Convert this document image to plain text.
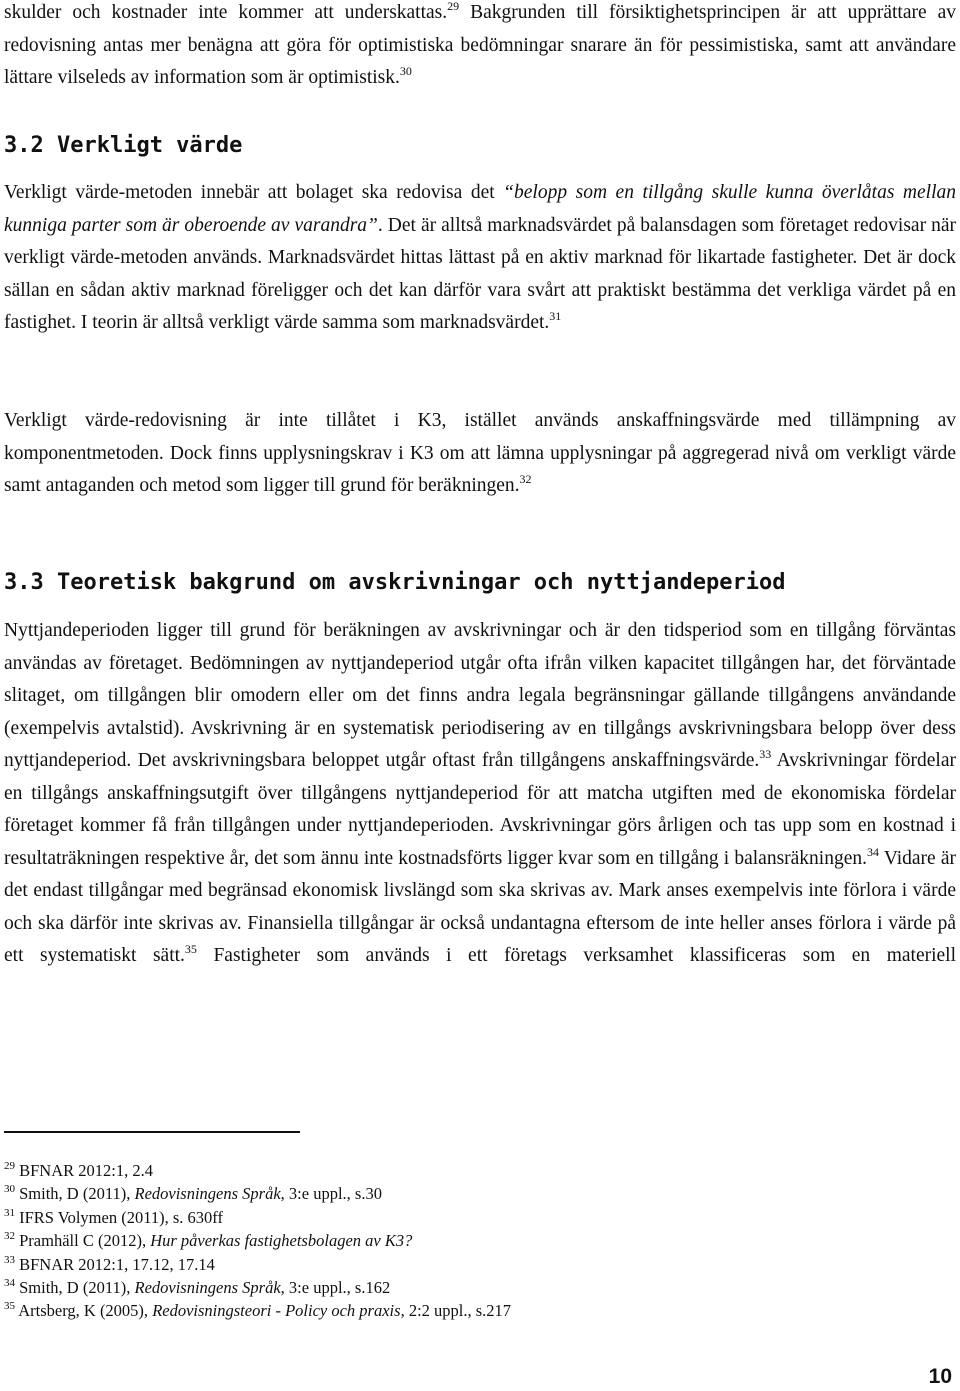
skulder och kostnader inte kommer att underskattas.$^{29}$ Bakgrunden till försiktighetsprincipen är att upprättare av redovisning antas mer benägna att göra för optimistiska bedömningar snarare än för pessimistiska, samt att användare lättare vilseleds av information som är optimistisk.$^{30}$

3.2 Verkligt värde

Verkligt värde-metoden innebär att bolaget ska redovisa det “belopp som en tillgång skulle kunna överlåtas mellan kunniga parter som är oberoende av varandra”. Det är alltså marknadsvärdet på balansdagen som företaget redovisar när verkligt värde-metoden används. Marknadsvärdet hittas lättast på en aktiv marknad för likartade fastigheter. Det är dock sällan en sådan aktiv marknad föreligger och det kan därför vara svårt att praktiskt bestämma det verkliga värdet på en fastighet. I teorin är alltså verkligt värde samma som marknadsvärdet.$^{31}$

Verkligt värde-redovisning är inte tillåtet i K3, istället används anskaffningsvärde med tillämpning av komponentmetoden. Dock finns upplysningskrav i K3 om att lämna upplysningar på aggregerad nivå om verkligt värde samt antaganden och metod som ligger till grund för beräkningen.$^{32}$

3.3 Teoretisk bakgrund om avskrivningar och nyttjandeperiod

Nyttjandeperioden ligger till grund för beräkningen av avskrivningar och är den tidsperiod som en tillgång förväntas användas av företaget. Bedömningen av nyttjandeperiod utgår ofta ifrån vilken kapacitet tillgången har, det förväntade slitaget, om tillgången blir omodern eller om det finns andra legala begränsningar gällande tillgångens användande (exempelvis avtalstid). Avskrivning är en systematisk periodisering av en tillgångs avskrivningsbara belopp över dess nyttjandeperiod. Det avskrivningsbara beloppet utgår oftast från tillgångens anskaffningsvärde.$^{33}$ Avskrivningar fördelar en tillgångs anskaffningsutgift över tillgångens nyttjandeperiod för att matcha utgiften med de ekonomiska fördelar företaget kommer få från tillgången under nyttjandeperioden. Avskrivningar görs årligen och tas upp som en kostnad i resultaträkningen respektive år, det som ännu inte kostnadsförts ligger kvar som en tillgång i balansräkningen.$^{34}$ Vidare är det endast tillgångar med begränsad ekonomisk livslängd som ska skrivas av. Mark anses exempelvis inte förlora i värde och ska därför inte skrivas av. Finansiella tillgångar är också undantagna eftersom de inte heller anses förlora i värde på ett systematiskt sätt.$^{35}$ Fastigheter som används i ett företags verksamhet klassificeras som en materiell

$^{29}$ BFNAR 2012:1, 2.4
$^{30}$ Smith, D (2011), Redovisningens Språk, 3:e uppl., s.30
$^{31}$ IFRS Volymen (2011), s. 630ff
$^{32}$ Pramhäll C (2012), Hur påverkas fastighetsbolagen av K3?
$^{33}$ BFNAR 2012:1, 17.12, 17.14
$^{34}$ Smith, D (2011), Redovisningens Språk, 3:e uppl., s.162
$^{35}$ Artsberg, K (2005), Redovisningsteori - Policy och praxis, 2:2 uppl., s.217
10
